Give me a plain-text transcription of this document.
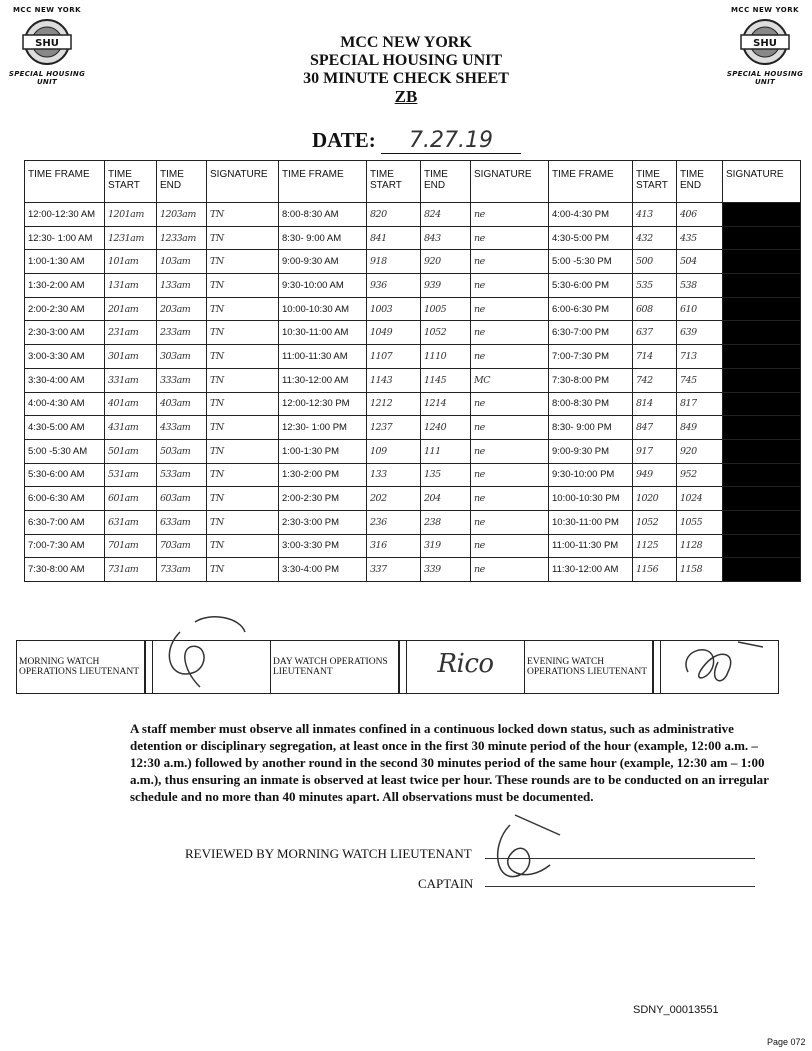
MCC NEW YORK
SHU
SPECIAL HOUSING UNIT
MCC NEW YORK
SHU
SPECIAL HOUSING UNIT
MCC NEW YORK
SPECIAL HOUSING UNIT
30 MINUTE CHECK SHEET
ZB
DATE: 7.27.19
TIME FRAME	TIME START	TIME END	SIGNATURE	TIME FRAME	TIME START	TIME END	SIGNATURE	TIME FRAME	TIME START	TIME END	SIGNATURE
12:00-12:30 AM	1201am	1203am	TN	8:00-8:30 AM	820	824	ne	4:00-4:30 PM	413	406	
12:30- 1:00 AM	1231am	1233am	TN	8:30- 9:00 AM	841	843	ne	4:30-5:00 PM	432	435	
1:00-1:30 AM	101am	103am	TN	9:00-9:30 AM	918	920	ne	5:00 -5:30 PM	500	504	
1:30-2:00 AM	131am	133am	TN	9:30-10:00 AM	936	939	ne	5:30-6:00 PM	535	538	
2:00-2:30 AM	201am	203am	TN	10:00-10:30 AM	1003	1005	ne	6:00-6:30 PM	608	610	
2:30-3:00 AM	231am	233am	TN	10:30-11:00 AM	1049	1052	ne	6:30-7:00 PM	637	639	
3:00-3:30 AM	301am	303am	TN	11:00-11:30 AM	1107	1110	ne	7:00-7:30 PM	714	713	
3:30-4:00 AM	331am	333am	TN	11:30-12:00 AM	1143	1145	MC	7:30-8:00 PM	742	745	
4:00-4:30 AM	401am	403am	TN	12:00-12:30 PM	1212	1214	ne	8:00-8:30 PM	814	817	
4:30-5:00 AM	431am	433am	TN	12:30- 1:00 PM	1237	1240	ne	8:30- 9:00 PM	847	849	
5:00 -5:30 AM	501am	503am	TN	1:00-1:30 PM	109	111	ne	9:00-9:30 PM	917	920	
5:30-6:00 AM	531am	533am	TN	1:30-2:00 PM	133	135	ne	9:30-10:00 PM	949	952	
6:00-6:30 AM	601am	603am	TN	2:00-2:30 PM	202	204	ne	10:00-10:30 PM	1020	1024	
6:30-7:00 AM	631am	633am	TN	2:30-3:00 PM	236	238	ne	10:30-11:00 PM	1052	1055	
7:00-7:30 AM	701am	703am	TN	3:00-3:30 PM	316	319	ne	11:00-11:30 PM	1125	1128	
7:30-8:00 AM	731am	733am	TN	3:30-4:00 PM	337	339	ne	11:30-12:00 AM	1156	1158	
MORNING WATCH OPERATIONS LIEUTENANT			DAY WATCH OPERATIONS LIEUTENANT		Rico	EVENING WATCH OPERATIONS LIEUTENANT		
A staff member must observe all inmates confined in a continuous locked down status, such as administrative detention or disciplinary segregation, at least once in the first 30 minute period of the hour (example, 12:00 a.m. – 12:30 a.m.) followed by another round in the second 30 minutes period of the same hour (example, 12:30 am – 1:00 a.m.), thus ensuring an inmate is observed at least twice per hour. These rounds are to be conducted on an irregular schedule and no more than 40 minutes apart. All observations must be documented.
REVIEWED BY MORNING WATCH LIEUTENANT
CAPTAIN
SDNY_00013551
Page 072
